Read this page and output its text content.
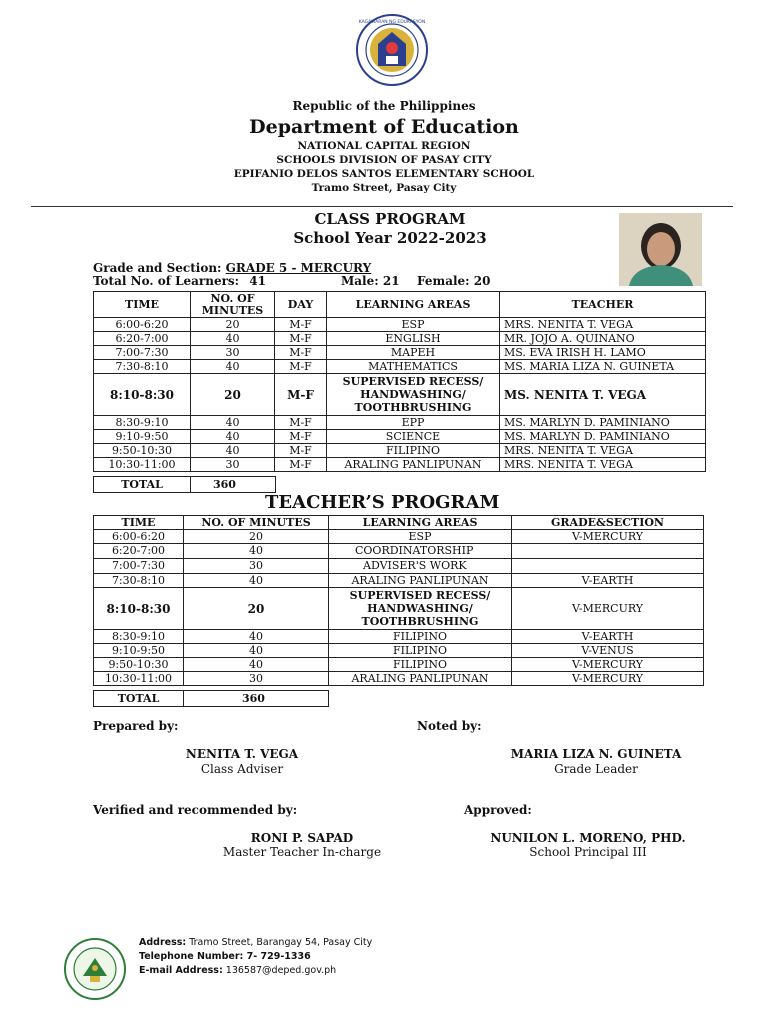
KAGAWARAN NG EDUKASYON
Republic of the Philippines
Department of Education
NATIONAL CAPITAL REGION
SCHOOLS DIVISION OF PASAY CITY
EPIFANIO DELOS SANTOS ELEMENTARY SCHOOL
Tramo Street, Pasay City
CLASS PROGRAM
School Year 2022-2023
Grade and Section: GRADE 5 - MERCURY
Total No. of Learners: 41	Male: 21 Female: 20
TIME	NO. OF MINUTES	DAY	LEARNING AREAS	TEACHER
6:00-6:20	20	M-F	ESP	MRS. NENITA T. VEGA
6:20-7:00	40	M-F	ENGLISH	MR. JOJO A. QUINANO
7:00-7:30	30	M-F	MAPEH	MS. EVA IRISH H. LAMO
7:30-8:10	40	M-F	MATHEMATICS	MS. MARIA LIZA N. GUINETA
8:10-8:30	20	M-F	SUPERVISED RECESS/ HANDWASHING/ TOOTHBRUSHING	MS. NENITA T. VEGA
8:30-9:10	40	M-F	EPP	MS. MARLYN D. PAMINIANO
9:10-9:50	40	M-F	SCIENCE	MS. MARLYN D. PAMINIANO
9:50-10:30	40	M-F	FILIPINO	MRS. NENITA T. VEGA
10:30-11:00	30	M-F	ARALING PANLIPUNAN	MRS. NENITA T. VEGA
TOTAL	360
TEACHER’S PROGRAM
TIME	NO. OF MINUTES	LEARNING AREAS	GRADE&SECTION
6:00-6:20	20	ESP	V-MERCURY
6:20-7:00	40	COORDINATORSHIP	
7:00-7:30	30	ADVISER'S WORK	
7:30-8:10	40	ARALING PANLIPUNAN	V-EARTH
8:10-8:30	20	SUPERVISED RECESS/ HANDWASHING/ TOOTHBRUSHING	V-MERCURY
8:30-9:10	40	FILIPINO	V-EARTH
9:10-9:50	40	FILIPINO	V-VENUS
9:50-10:30	40	FILIPINO	V-MERCURY
10:30-11:00	30	ARALING PANLIPUNAN	V-MERCURY
TOTAL	360
Prepared by:
NENITA T. VEGA
Class Adviser
Noted by:
MARIA LIZA N. GUINETA
Grade Leader
Verified and recommended by:
RONI P. SAPAD
Master Teacher In-charge
Approved:
NUNILON L. MORENO, PHD.
School Principal III
Address: Tramo Street, Barangay 54, Pasay City
Telephone Number: 7- 729-1336
E-mail Address: 136587@deped.gov.ph
